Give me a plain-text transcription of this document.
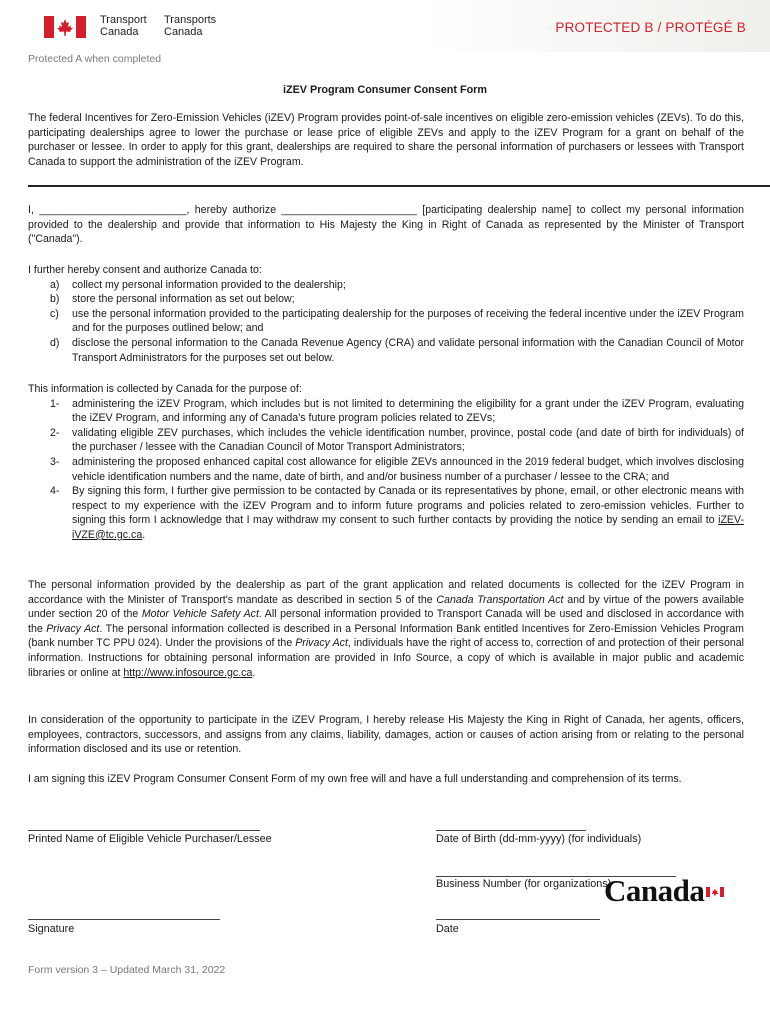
Transport
Canada
Transports
Canada	PROTECTED B / PROTÉGÉ B
Protected A when completed
iZEV Program Consumer Consent Form
The federal Incentives for Zero-Emission Vehicles (iZEV) Program provides point-of-sale incentives on eligible zero-emission vehicles (ZEVs). To do this, participating dealerships agree to lower the purchase or lease price of eligible ZEVs and apply to the iZEV Program for a grant on behalf of the purchaser or lessee. In order to apply for this grant, dealerships are required to share the personal information of purchasers or lessees with Transport Canada to support the administration of the iZEV Program.
I, _________________________, hereby authorize _______________________ [participating dealership name] to collect my personal information provided to the dealership and provide that information to His Majesty the King in Right of Canada as represented by the Minister of Transport ("Canada").
I further hereby consent and authorize Canada to:
a) collect my personal information provided to the dealership;
b) store the personal information as set out below;
c) use the personal information provided to the participating dealership for the purposes of receiving the federal incentive under the iZEV Program and for the purposes outlined below; and
d) disclose the personal information to the Canada Revenue Agency (CRA) and validate personal information with the Canadian Council of Motor Transport Administrators for the purposes set out below.
This information is collected by Canada for the purpose of:
1- administering the iZEV Program, which includes but is not limited to determining the eligibility for a grant under the iZEV Program, evaluating the iZEV Program, and informing any of Canada’s future program policies related to ZEVs;
2- validating eligible ZEV purchases, which includes the vehicle identification number, province, postal code (and date of birth for individuals) of the purchaser / lessee with the Canadian Council of Motor Transport Administrators;
3- administering the proposed enhanced capital cost allowance for eligible ZEVs announced in the 2019 federal budget, which involves disclosing vehicle identification numbers and the name, date of birth, and and/or business number of a purchaser / lessee to the CRA; and
4- By signing this form, I further give permission to be contacted by Canada or its representatives by phone, email, or other electronic means with respect to my experience with the iZEV Program and to inform future programs and policies related to zero-emission vehicles. Further to signing this form I acknowledge that I may withdraw my consent to such further contacts by providing the notice by sending an email to iZEV-iVZE@tc.gc.ca.
The personal information provided by the dealership as part of the grant application and related documents is collected for the iZEV Program in accordance with the Minister of Transport's mandate as described in section 5 of the Canada Transportation Act and by virtue of the powers available under section 20 of the Motor Vehicle Safety Act. All personal information provided to Transport Canada will be used and disclosed in accordance with the Privacy Act. The personal information collected is described in a Personal Information Bank entitled Incentives for Zero-Emission Vehicles Program (bank number TC PPU 024). Under the provisions of the Privacy Act, individuals have the right of access to, correction of and protection of their personal information. Instructions for obtaining personal information are provided in Info Source, a copy of which is available in major public and academic libraries or online at http://www.infosource.gc.ca.
In consideration of the opportunity to participate in the iZEV Program, I hereby release His Majesty the King in Right of Canada, her agents, officers, employees, contractors, successors, and assigns from any claims, liability, damages, action or causes of action arising from or relating to the personal information disclosed and its use or retention.
I am signing this iZEV Program Consumer Consent Form of my own free will and have a full understanding and comprehension of its terms.
Printed Name of Eligible Vehicle Purchaser/Lessee	Date of Birth (dd-mm-yyyy) (for individuals)
Business Number (for organizations)
Signature	Date
Canada
Form version 3 – Updated March 31, 2022
